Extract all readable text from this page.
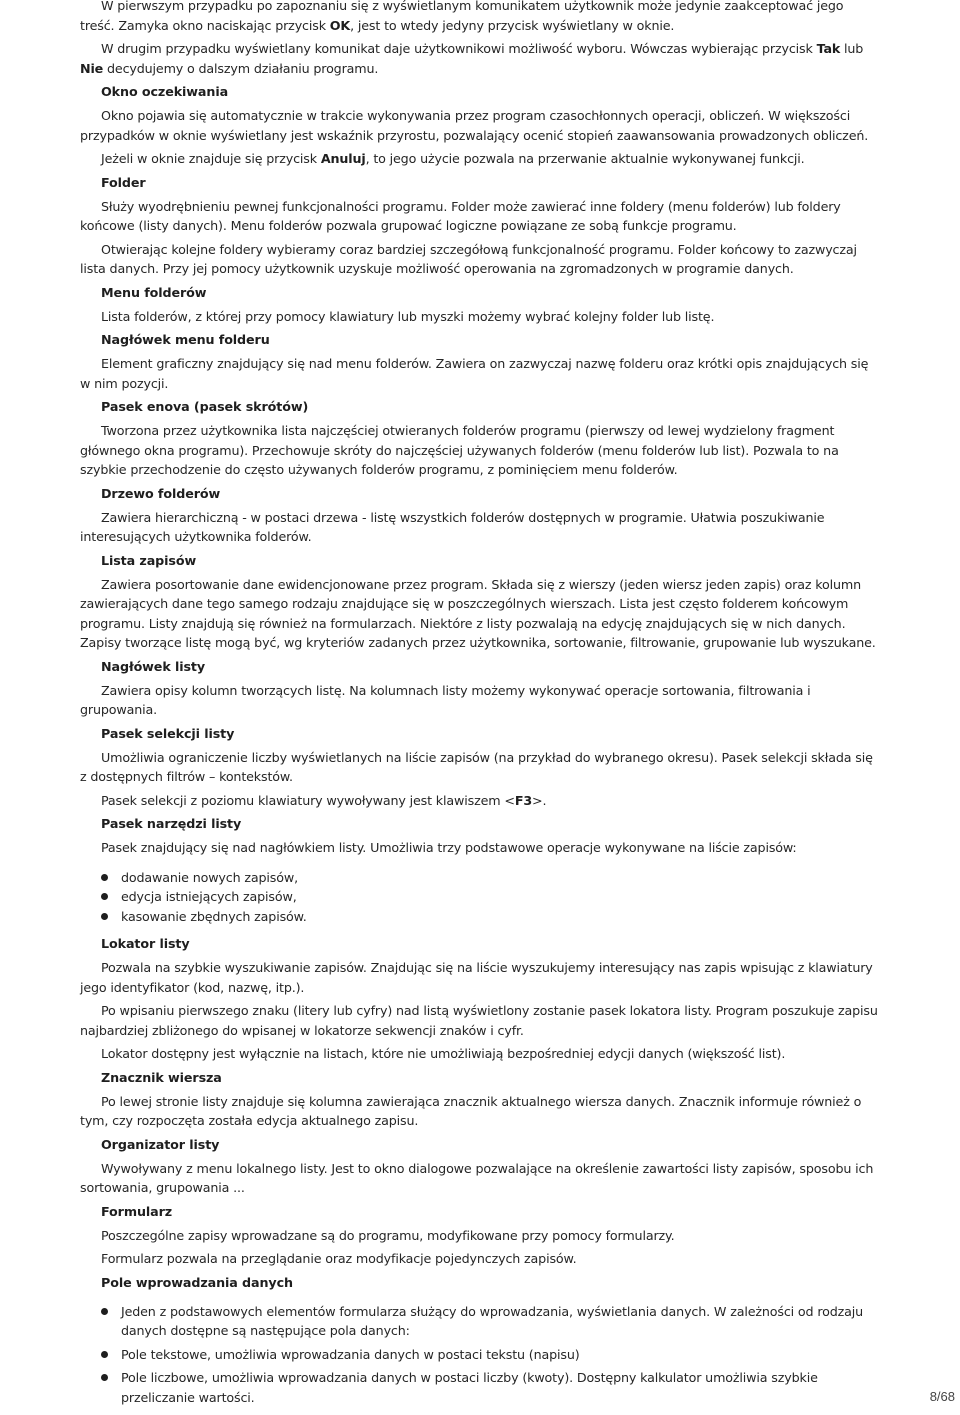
W pierwszym przypadku po zapoznaniu się z wyświetlanym komunikatem użytkownik może jedynie zaakceptować jego treść. Zamyka okno naciskając przycisk OK, jest to wtedy jedyny przycisk wyświetlany w oknie.

W drugim przypadku wyświetlany komunikat daje użytkownikowi możliwość wyboru. Wówczas wybierając przycisk Tak lub Nie decydujemy o dalszym działaniu programu.

Okno oczekiwania

Okno pojawia się automatycznie w trakcie wykonywania przez program czasochłonnych operacji, obliczeń. W większości przypadków w oknie wyświetlany jest wskaźnik przyrostu, pozwalający ocenić stopień zaawansowania prowadzonych obliczeń.

Jeżeli w oknie znajduje się przycisk Anuluj, to jego użycie pozwala na przerwanie aktualnie wykonywanej funkcji.

Folder

Służy wyodrębnieniu pewnej funkcjonalności programu. Folder może zawierać inne foldery (menu folderów) lub foldery końcowe (listy danych). Menu folderów pozwala grupować logiczne powiązane ze sobą funkcje programu.

Otwierając kolejne foldery wybieramy coraz bardziej szczegółową funkcjonalność programu. Folder końcowy to zazwyczaj lista danych. Przy jej pomocy użytkownik uzyskuje możliwość operowania na zgromadzonych w programie danych.

Menu folderów

Lista folderów, z której przy pomocy klawiatury lub myszki możemy wybrać kolejny folder lub listę.

Nagłówek menu folderu

Element graficzny znajdujący się nad menu folderów. Zawiera on zazwyczaj nazwę folderu oraz krótki opis znajdujących się w nim pozycji.

Pasek enova (pasek skrótów)

Tworzona przez użytkownika lista najczęściej otwieranych folderów programu (pierwszy od lewej wydzielony fragment głównego okna programu). Przechowuje skróty do najczęściej używanych folderów (menu folderów lub list). Pozwala to na szybkie przechodzenie do często używanych folderów programu, z pominięciem menu folderów.

Drzewo folderów

Zawiera hierarchiczną - w postaci drzewa - listę wszystkich folderów dostępnych w programie. Ułatwia poszukiwanie interesujących użytkownika folderów.

Lista zapisów

Zawiera posortowanie dane ewidencjonowane przez program. Składa się z wierszy (jeden wiersz jeden zapis) oraz kolumn zawierających dane tego samego rodzaju znajdujące się w poszczególnych wierszach. Lista jest często folderem końcowym programu. Listy znajdują się również na formularzach. Niektóre z listy pozwalają na edycję znajdujących się w nich danych. Zapisy tworzące listę mogą być, wg kryteriów zadanych przez użytkownika, sortowanie, filtrowanie, grupowanie lub wyszukane.

Nagłówek listy

Zawiera opisy kolumn tworzących listę. Na kolumnach listy możemy wykonywać operacje sortowania, filtrowania i grupowania.

Pasek selekcji listy

Umożliwia ograniczenie liczby wyświetlanych na liście zapisów (na przykład do wybranego okresu). Pasek selekcji składa się z dostępnych filtrów – kontekstów.

Pasek selekcji z poziomu klawiatury wywoływany jest klawiszem <F3>.

Pasek narzędzi listy

Pasek znajdujący się nad nagłówkiem listy. Umożliwia trzy podstawowe operacje wykonywane na liście zapisów:

dodawanie nowych zapisów,
edycja istniejących zapisów,
kasowanie zbędnych zapisów.
Lokator listy

Pozwala na szybkie wyszukiwanie zapisów. Znajdując się na liście wyszukujemy interesujący nas zapis wpisując z klawiatury jego identyfikator (kod, nazwę, itp.).

Po wpisaniu pierwszego znaku (litery lub cyfry) nad listą wyświetlony zostanie pasek lokatora listy. Program poszukuje zapisu najbardziej zbliżonego do wpisanej w lokatorze sekwencji znaków i cyfr.

Lokator dostępny jest wyłącznie na listach, które nie umożliwiają bezpośredniej edycji danych (większość list).

Znacznik wiersza

Po lewej stronie listy znajduje się kolumna zawierająca znacznik aktualnego wiersza danych. Znacznik informuje również o tym, czy rozpoczęta została edycja aktualnego zapisu.

Organizator listy

Wywoływany z menu lokalnego listy. Jest to okno dialogowe pozwalające na określenie zawartości listy zapisów, sposobu ich sortowania, grupowania ...

Formularz

Poszczególne zapisy wprowadzane są do programu, modyfikowane przy pomocy formularzy.

Formularz pozwala na przeglądanie oraz modyfikacje pojedynczych zapisów.

Pole wprowadzania danych
Jeden z podstawowych elementów formularza służący do wprowadzania, wyświetlania danych. W zależności od rodzaju danych dostępne są następujące pola danych:
Pole tekstowe, umożliwia wprowadzania danych w postaci tekstu (napisu)
Pole liczbowe, umożliwia wprowadzania danych w postaci liczby (kwoty). Dostępny kalkulator umożliwia szybkie przeliczanie wartości.	8/68
